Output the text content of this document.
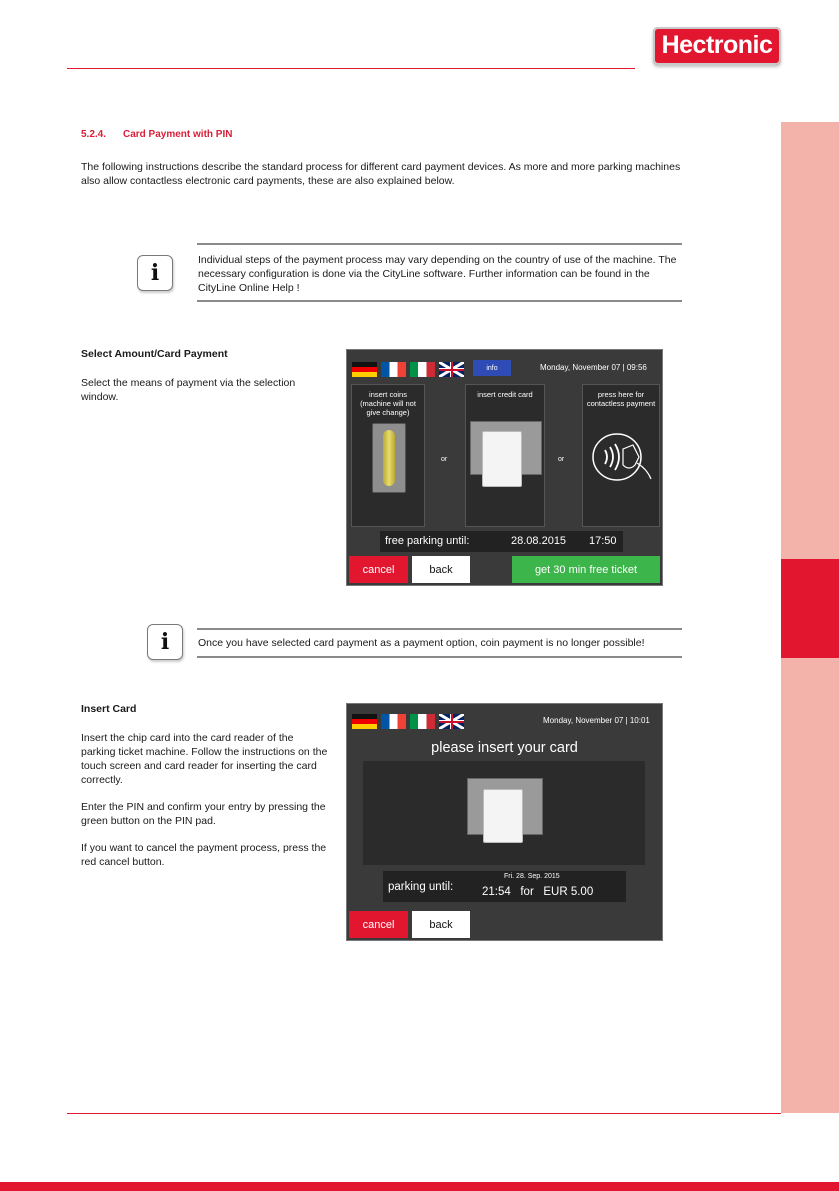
Hectronic
5.2.4. Card Payment with PIN
The following instructions describe the standard process for different card payment devices. As more and more parking machines also allow contactless electronic card payments, these are also explained below.
i	Individual steps of the payment process may vary depending on the country of use of the machine. The necessary configuration is done via the CityLine software. Further information can be found in the CityLine Online Help !
Select Amount/Card Payment
Select the means of payment via the selection window.
info	Monday, November 07 | 09:56
insert coins
(machine will not
give change)
or
insert credit card
or
press here for
contactless payment
free parking until:	28.08.2015 17:50
cancel	back	get 30 min free ticket
i	Once you have selected card payment as a payment option, coin payment is no longer possible!
Insert Card

Insert the chip card into the card reader of the parking ticket machine. Follow the instructions on the touch screen and card reader for inserting the card correctly.

Enter the PIN and confirm your entry by pressing the green button on the PIN pad.

If you want to cancel the payment process, press the red cancel button.

Monday, November 07 | 10:01
please insert your card
parking until:
Fri. 28. Sep. 2015
21:54   for   EUR 5.00
cancel	back
